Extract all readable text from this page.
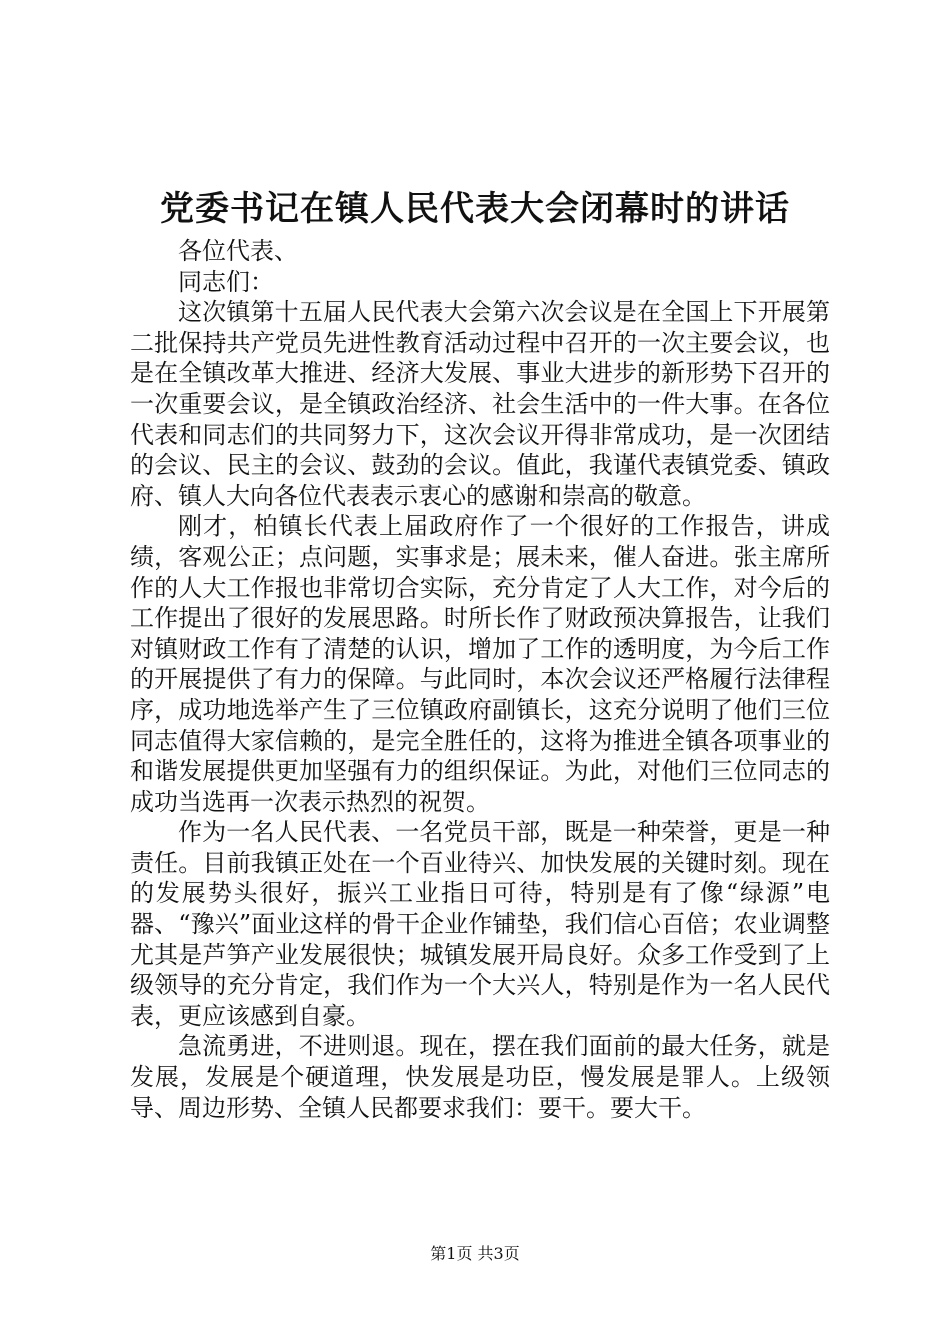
党委书记在镇人民代表大会闭幕时的讲话

各位代表、

同志们：

这次镇第十五届人民代表大会第六次会议是在全国上下开展第二批保持共产党员先进性教育活动过程中召开的一次主要会议，也是在全镇改革大推进、经济大发展、事业大进步的新形势下召开的一次重要会议，是全镇政治经济、社会生活中的一件大事。在各位代表和同志们的共同努力下，这次会议开得非常成功，是一次团结的会议、民主的会议、鼓劲的会议。值此，我谨代表镇党委、镇政府、镇人大向各位代表表示衷心的感谢和崇高的敬意。

刚才，柏镇长代表上届政府作了一个很好的工作报告，讲成绩，客观公正；点问题，实事求是；展未来，催人奋进。张主席所作的人大工作报也非常切合实际，充分肯定了人大工作，对今后的工作提出了很好的发展思路。时所长作了财政预决算报告，让我们对镇财政工作有了清楚的认识，增加了工作的透明度，为今后工作的开展提供了有力的保障。与此同时，本次会议还严格履行法律程序，成功地选举产生了三位镇政府副镇长，这充分说明了他们三位同志值得大家信赖的，是完全胜任的，这将为推进全镇各项事业的和谐发展提供更加坚强有力的组织保证。为此，对他们三位同志的成功当选再一次表示热烈的祝贺。

作为一名人民代表、一名党员干部，既是一种荣誉，更是一种责任。目前我镇正处在一个百业待兴、加快发展的关键时刻。现在的发展势头很好，振兴工业指日可待，特别是有了像“绿源”电器、“豫兴”面业这样的骨干企业作铺垫，我们信心百倍；农业调整尤其是芦笋产业发展很快；城镇发展开局良好。众多工作受到了上级领导的充分肯定，我们作为一个大兴人，特别是作为一名人民代表，更应该感到自豪。

急流勇进，不进则退。现在，摆在我们面前的最大任务，就是发展，发展是个硬道理，快发展是功臣，慢发展是罪人。上级领导、周边形势、全镇人民都要求我们：要干。要大干。

第1页 共3页
